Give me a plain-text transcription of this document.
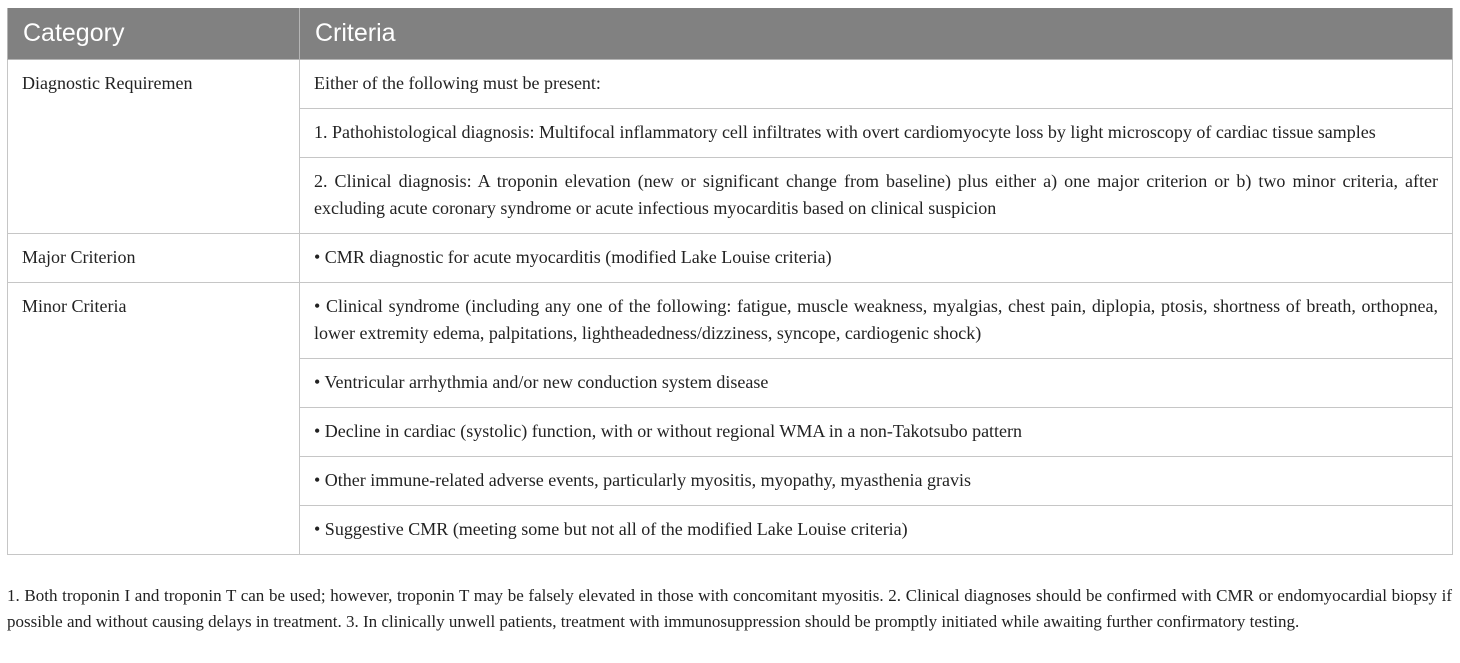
Category	Criteria
Diagnostic Requiremen	Either of the following must be present:
	1. Pathohistological diagnosis: Multifocal inflammatory cell infiltrates with overt cardiomyocyte loss by light microscopy of cardiac tissue samples
	2. Clinical diagnosis: A troponin elevation (new or significant change from baseline) plus either a) one major criterion or b) two minor criteria, after excluding acute coronary syndrome or acute infectious myocarditis based on clinical suspicion
Major Criterion	• CMR diagnostic for acute myocarditis (modified Lake Louise criteria)
Minor Criteria	• Clinical syndrome (including any one of the following: fatigue, muscle weakness, myalgias, chest pain, diplopia, ptosis, shortness of breath, orthopnea, lower extremity edema, palpitations, lightheadedness/dizziness, syncope, cardiogenic shock)
	• Ventricular arrhythmia and/or new conduction system disease
	• Decline in cardiac (systolic) function, with or without regional WMA in a non-Takotsubo pattern
	• Other immune-related adverse events, particularly myositis, myopathy, myasthenia gravis
	• Suggestive CMR (meeting some but not all of the modified Lake Louise criteria)
1. Both troponin I and troponin T can be used; however, troponin T may be falsely elevated in those with concomitant myositis. 2. Clinical diagnoses should be confirmed with CMR or endomyocardial biopsy if possible and without causing delays in treatment. 3. In clinically unwell patients, treatment with immunosuppression should be promptly initiated while awaiting further confirmatory testing.
